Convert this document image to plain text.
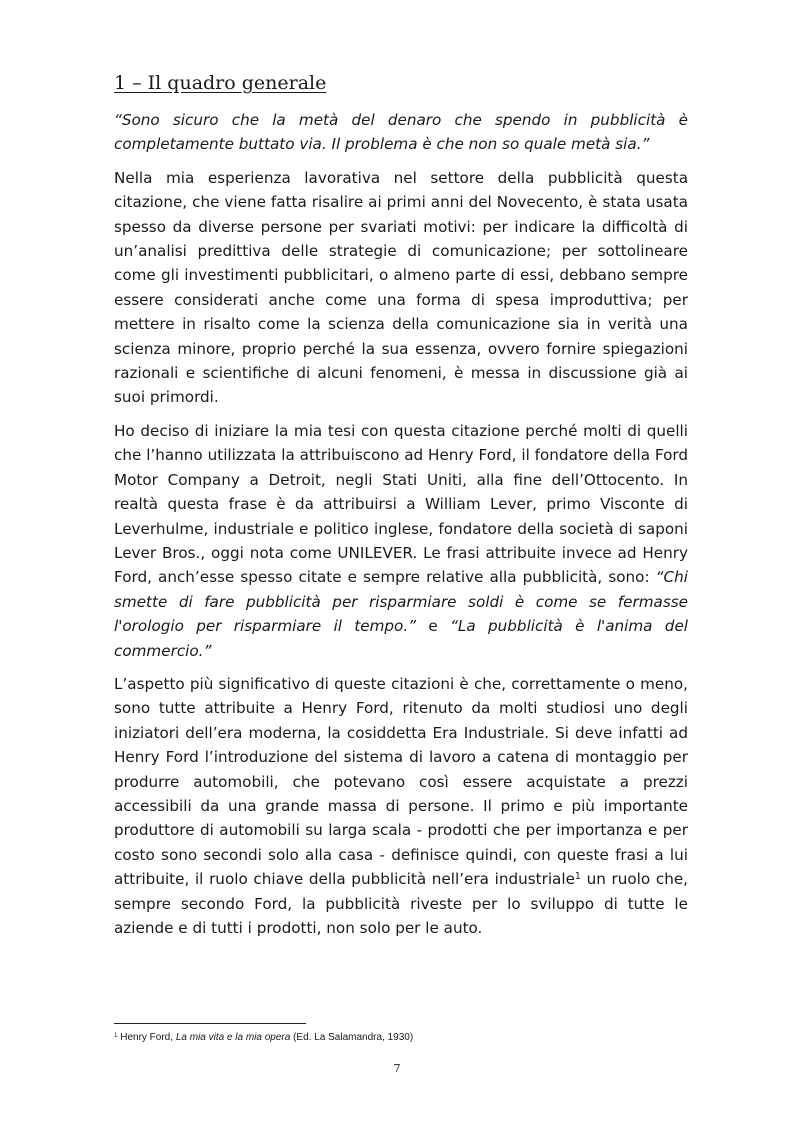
1 – Il quadro generale

“Sono sicuro che la metà del denaro che spendo in pubblicità è completamente buttato via. Il problema è che non so quale metà sia.”

Nella mia esperienza lavorativa nel settore della pubblicità questa citazione, che viene fatta risalire ai primi anni del Novecento, è stata usata spesso da diverse persone per svariati motivi: per indicare la difficoltà di un’analisi predittiva delle strategie di comunicazione; per sottolineare come gli investimenti pubblicitari, o almeno parte di essi, debbano sempre essere considerati anche come una forma di spesa improduttiva; per mettere in risalto come la scienza della comunicazione sia in verità una scienza minore, proprio perché la sua essenza, ovvero fornire spiegazioni razionali e scientifiche di alcuni fenomeni, è messa in discussione già ai suoi primordi.

Ho deciso di iniziare la mia tesi con questa citazione perché molti di quelli che l’hanno utilizzata la attribuiscono ad Henry Ford, il fondatore della Ford Motor Company a Detroit, negli Stati Uniti, alla fine dell’Ottocento. In realtà questa frase è da attribuirsi a William Lever, primo Visconte di Leverhulme, industriale e politico inglese, fondatore della società di saponi Lever Bros., oggi nota come UNILEVER. Le frasi attribuite invece ad Henry Ford, anch’esse spesso citate e sempre relative alla pubblicità, sono: “Chi smette di fare pubblicità per risparmiare soldi è come se fermasse l'orologio per risparmiare il tempo.” e “La pubblicità è l'anima del commercio.”

L’aspetto più significativo di queste citazioni è che, correttamente o meno, sono tutte attribuite a Henry Ford, ritenuto da molti studiosi uno degli iniziatori dell’era moderna, la cosiddetta Era Industriale. Si deve infatti ad Henry Ford l’introduzione del sistema di lavoro a catena di montaggio per produrre automobili, che potevano così essere acquistate a prezzi accessibili da una grande massa di persone. Il primo e più importante produttore di automobili su larga scala - prodotti che per importanza e per costo sono secondi solo alla casa - definisce quindi, con queste frasi a lui attribuite, il ruolo chiave della pubblicità nell’era industriale$^1$ un ruolo che, sempre secondo Ford, la pubblicità riveste per lo sviluppo di tutte le aziende e di tutti i prodotti, non solo per le auto.

$^1$ Henry Ford, La mia vita e la mia opera (Ed. La Salamandra, 1930)
7
